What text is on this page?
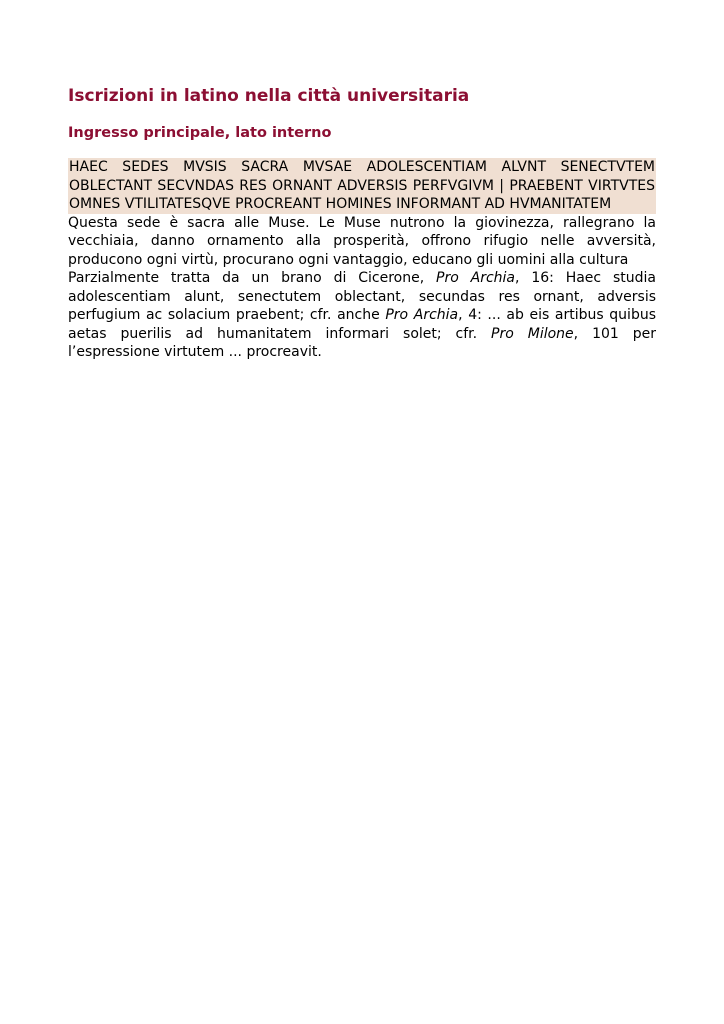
Iscrizioni in latino nella città universitaria
Ingresso principale, lato interno

HAEC SEDES MVSIS SACRA MVSAE ADOLESCENTIAM ALVNT SENECTVTEM OBLECTANT SECVNDAS RES ORNANT ADVERSIS PERFVGIVM | PRAEBENT VIRTVTES OMNES VTILITATESQVE PROCREANT HOMINES INFORMANT AD HVMANITATEM

Questa sede è sacra alle Muse. Le Muse nutrono la giovinezza, rallegrano la vecchiaia, danno ornamento alla prosperità, offrono rifugio nelle avversità, producono ogni virtù, procurano ogni vantaggio, educano gli uomini alla cultura

Parzialmente tratta da un brano di Cicerone, Pro Archia, 16: Haec studia adolescentiam alunt, senectutem oblectant, secundas res ornant, adversis perfugium ac solacium praebent; cfr. anche Pro Archia, 4: ... ab eis artibus quibus aetas puerilis ad humanitatem informari solet; cfr. Pro Milone, 101 per l’espressione virtutem ... procreavit.
